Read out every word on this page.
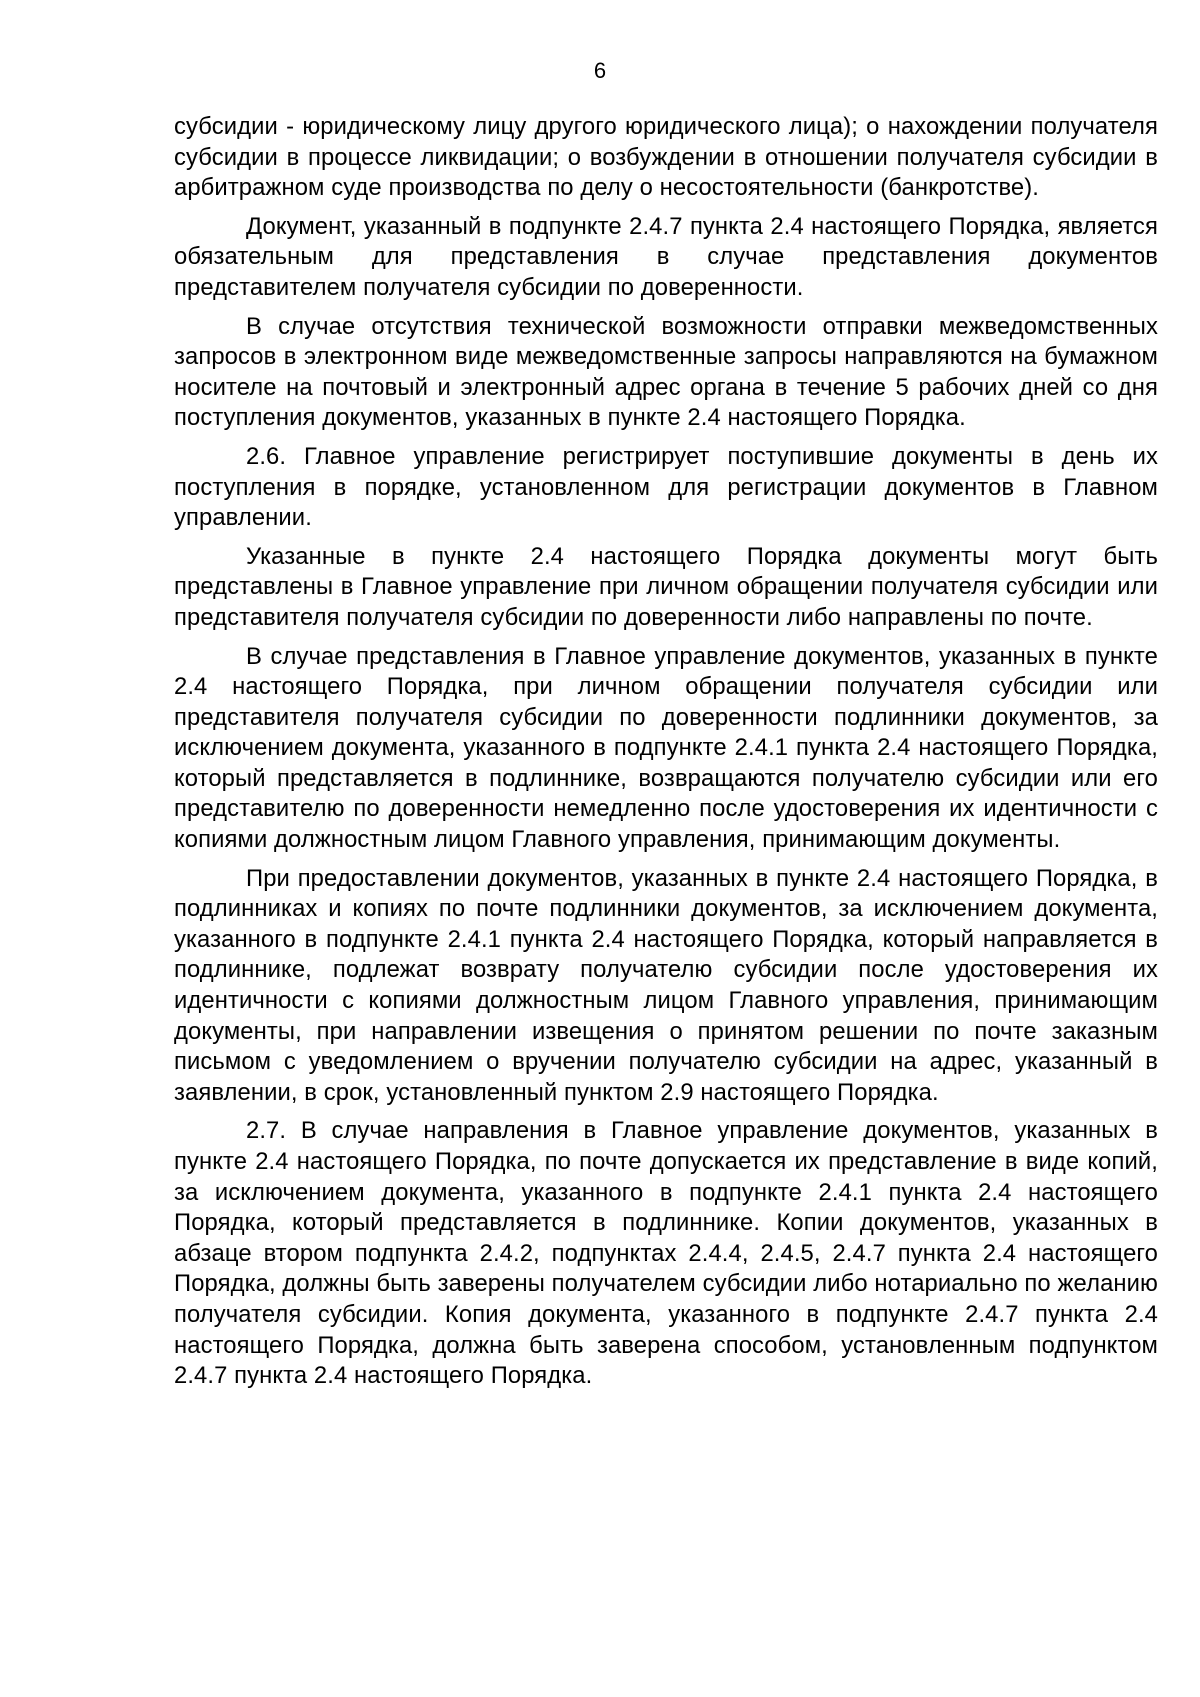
6

субсидии - юридическому лицу другого юридического лица); о нахождении получателя субсидии в процессе ликвидации; о возбуждении в отношении получателя субсидии в арбитражном суде производства по делу о несостоятельности (банкротстве).

Документ, указанный в подпункте 2.4.7 пункта 2.4 настоящего Порядка, является обязательным для представления в случае представления документов представителем получателя субсидии по доверенности.

В случае отсутствия технической возможности отправки межведомственных запросов в электронном виде межведомственные запросы направляются на бумажном носителе на почтовый и электронный адрес органа в течение 5 рабочих дней со дня поступления документов, указанных в пункте 2.4 настоящего Порядка.

2.6. Главное управление регистрирует поступившие документы в день их поступления в порядке, установленном для регистрации документов в Главном управлении.

Указанные в пункте 2.4 настоящего Порядка документы могут быть представлены в Главное управление при личном обращении получателя субсидии или представителя получателя субсидии по доверенности либо направлены по почте.

В случае представления в Главное управление документов, указанных в пункте 2.4 настоящего Порядка, при личном обращении получателя субсидии или представителя получателя субсидии по доверенности подлинники документов, за исключением документа, указанного в подпункте 2.4.1 пункта 2.4 настоящего Порядка, который представляется в подлиннике, возвращаются получателю субсидии или его представителю по доверенности немедленно после удостоверения их идентичности с копиями должностным лицом Главного управления, принимающим документы.

При предоставлении документов, указанных в пункте 2.4 настоящего Порядка, в подлинниках и копиях по почте подлинники документов, за исключением документа, указанного в подпункте 2.4.1 пункта 2.4 настоящего Порядка, который направляется в подлиннике, подлежат возврату получателю субсидии после удостоверения их идентичности с копиями должностным лицом Главного управления, принимающим документы, при направлении извещения о принятом решении по почте заказным письмом с уведомлением о вручении получателю субсидии на адрес, указанный в заявлении, в срок, установленный пунктом 2.9 настоящего Порядка.

2.7. В случае направления в Главное управление документов, указанных в пункте 2.4 настоящего Порядка, по почте допускается их представление в виде копий, за исключением документа, указанного в подпункте 2.4.1 пункта 2.4 настоящего Порядка, который представляется в подлиннике. Копии документов, указанных в абзаце втором подпункта 2.4.2, подпунктах 2.4.4, 2.4.5, 2.4.7 пункта 2.4 настоящего Порядка, должны быть заверены получателем субсидии либо нотариально по желанию получателя субсидии. Копия документа, указанного в подпункте 2.4.7 пункта 2.4 настоящего Порядка, должна быть заверена способом, установленным подпунктом 2.4.7 пункта 2.4 настоящего Порядка.
